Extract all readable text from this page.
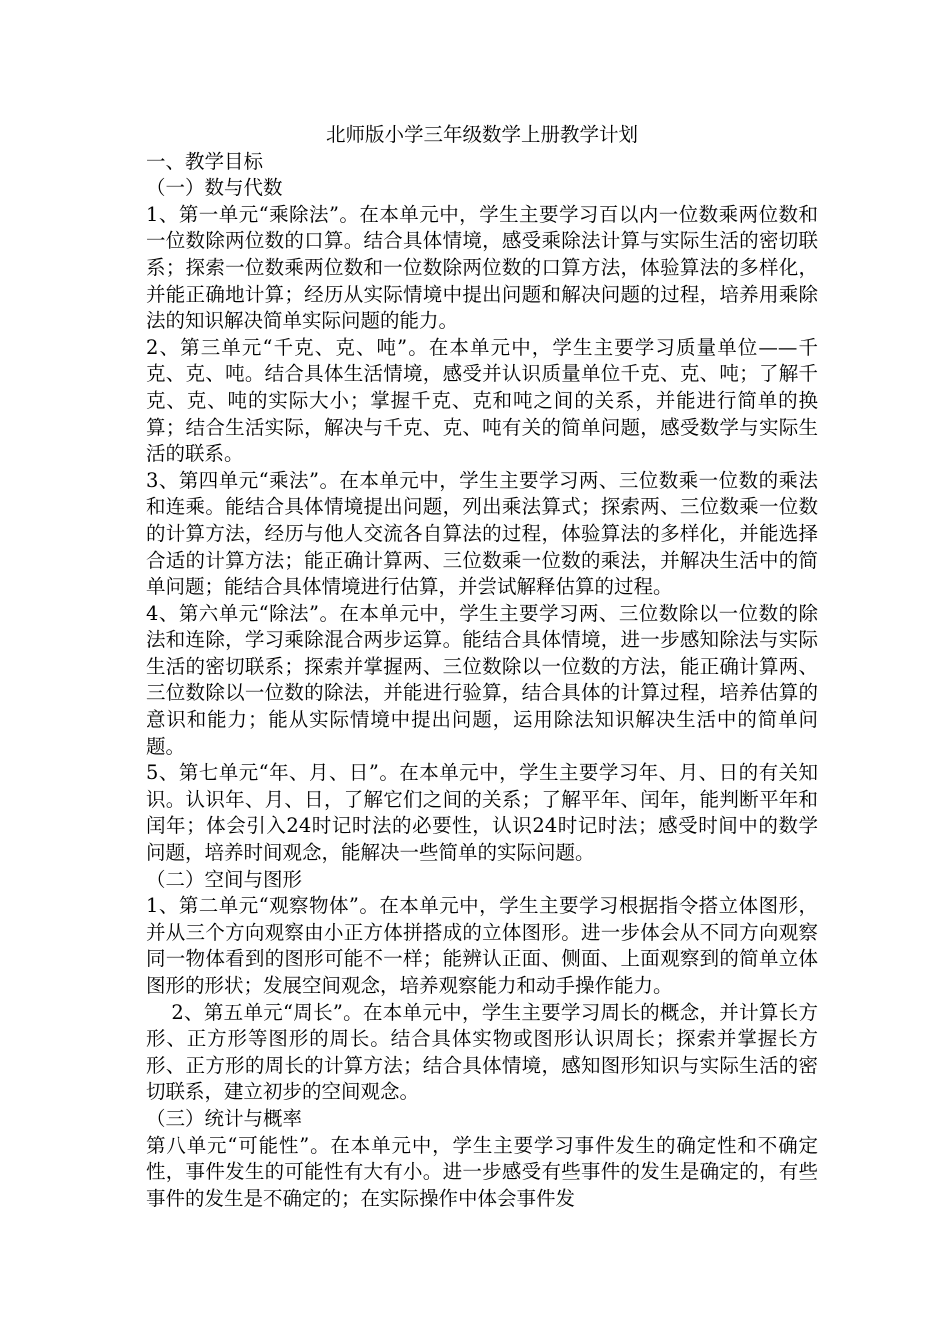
北师版小学三年级数学上册教学计划

一、教学目标

（一）数与代数

1、第一单元“乘除法”。在本单元中，学生主要学习百以内一位数乘两位数和一位数除两位数的口算。结合具体情境，感受乘除法计算与实际生活的密切联系；探索一位数乘两位数和一位数除两位数的口算方法，体验算法的多样化，并能正确地计算；经历从实际情境中提出问题和解决问题的过程，培养用乘除法的知识解决简单实际问题的能力。

2、第三单元“千克、克、吨”。在本单元中，学生主要学习质量单位——千克、克、吨。结合具体生活情境，感受并认识质量单位千克、克、吨；了解千克、克、吨的实际大小；掌握千克、克和吨之间的关系，并能进行简单的换算；结合生活实际，解决与千克、克、吨有关的简单问题，感受数学与实际生活的联系。

3、第四单元“乘法”。在本单元中，学生主要学习两、三位数乘一位数的乘法和连乘。能结合具体情境提出问题，列出乘法算式；探索两、三位数乘一位数的计算方法，经历与他人交流各自算法的过程，体验算法的多样化，并能选择合适的计算方法；能正确计算两、三位数乘一位数的乘法，并解决生活中的简单问题；能结合具体情境进行估算，并尝试解释估算的过程。

4、第六单元“除法”。在本单元中，学生主要学习两、三位数除以一位数的除法和连除，学习乘除混合两步运算。能结合具体情境，进一步感知除法与实际生活的密切联系；探索并掌握两、三位数除以一位数的方法，能正确计算两、三位数除以一位数的除法，并能进行验算，结合具体的计算过程，培养估算的意识和能力；能从实际情境中提出问题，运用除法知识解决生活中的简单问题。

5、第七单元“年、月、日”。在本单元中，学生主要学习年、月、日的有关知识。认识年、月、日，了解它们之间的关系；了解平年、闰年，能判断平年和闰年；体会引入24时记时法的必要性，认识24时记时法；感受时间中的数学问题，培养时间观念，能解决一些简单的实际问题。

（二）空间与图形

1、第二单元“观察物体”。在本单元中，学生主要学习根据指令搭立体图形，并从三个方向观察由小正方体拼搭成的立体图形。进一步体会从不同方向观察同一物体看到的图形可能不一样；能辨认正面、侧面、上面观察到的简单立体图形的形状；发展空间观念，培养观察能力和动手操作能力。

2、第五单元“周长”。在本单元中，学生主要学习周长的概念，并计算长方形、正方形等图形的周长。结合具体实物或图形认识周长；探索并掌握长方形、正方形的周长的计算方法；结合具体情境，感知图形知识与实际生活的密切联系，建立初步的空间观念。

（三）统计与概率

第八单元“可能性”。在本单元中，学生主要学习事件发生的确定性和不确定性，事件发生的可能性有大有小。进一步感受有些事件的发生是确定的，有些事件的发生是不确定的；在实际操作中体会事件发
